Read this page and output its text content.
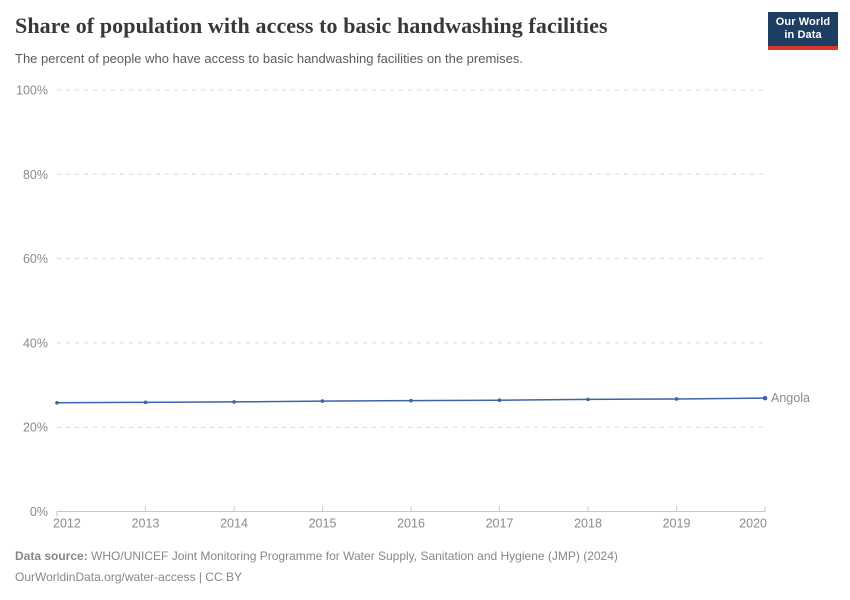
Share of population with access to basic handwashing facilities
The percent of people who have access to basic handwashing facilities on the premises.
Our World
in Data
0%
20%
40%
60%
80%
100%
2012	2013	2014	2015	2016	2017	2018	2019	2020
Angola
Data source: WHO/UNICEF Joint Monitoring Programme for Water Supply, Sanitation and Hygiene (JMP) (2024)
OurWorldinData.org/water-access | CC BY
